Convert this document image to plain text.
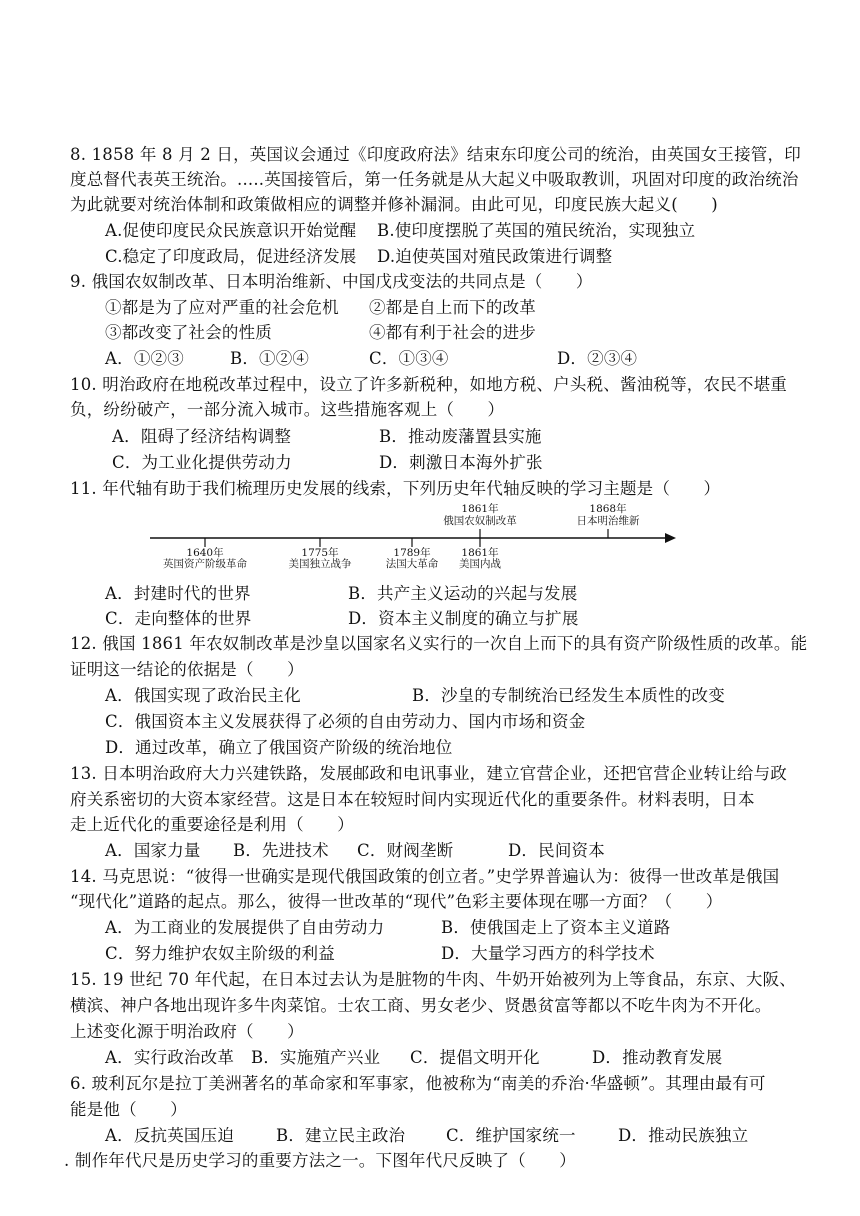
8. 1858 年 8 月 2 日，英国议会通过《印度政府法》结束东印度公司的统治，由英国女王接管，印
度总督代表英王统治。.....英国接管后，第一任务就是从大起义中吸取教训，巩固对印度的政治统治
为此就要对统治体制和政策做相应的调整并修补漏洞。由此可见，印度民族大起义(　　)
A.促使印度民众民族意识开始觉醒 B.使印度摆脱了英国的殖民统治，实现独立
C.稳定了印度政局，促进经济发展 D.迫使英国对殖民政策进行调整
9. 俄国农奴制改革、日本明治维新、中国戊戌变法的共同点是（　　）
①都是为了应对严重的社会危机 ②都是自上而下的改革
③都改变了社会的性质	④都有利于社会的进步
A．①②③	B．①②④	C．①③④	D．②③④
10. 明治政府在地税改革过程中，设立了许多新税种，如地方税、户头税、酱油税等，农民不堪重
负，纷纷破产，一部分流入城市。这些措施客观上（　　）
A．阻碍了经济结构调整	B．推动废藩置县实施
C．为工业化提供劳动力	D．刺激日本海外扩张
11. 年代轴有助于我们梳理历史发展的线索，下列历史年代轴反映的学习主题是（　　）
1861年
俄国农奴制改革
1868年
日本明治维新
1640年
英国资产阶级革命
1775年
美国独立战争
1789年
法国大革命
1861年
美国内战
A．封建时代的世界	B．共产主义运动的兴起与发展
C．走向整体的世界	D．资本主义制度的确立与扩展
12. 俄国 1861 年农奴制改革是沙皇以国家名义实行的一次自上而下的具有资产阶级性质的改革。能
证明这一结论的依据是（　　）
A．俄国实现了政治民主化	B．沙皇的专制统治已经发生本质性的改变
C．俄国资本主义发展获得了必须的自由劳动力、国内市场和资金
D．通过改革，确立了俄国资产阶级的统治地位
13. 日本明治政府大力兴建铁路，发展邮政和电讯事业，建立官营企业，还把官营企业转让给与政
府关系密切的大资本家经营。这是日本在较短时间内实现近代化的重要条件。材料表明，日本
走上近代化的重要途径是利用（　　）
A．国家力量 B．先进技术 C．财阀垄断	D．民间资本
14. 马克思说：“彼得一世确实是现代俄国政策的创立者。”史学界普遍认为：彼得一世改革是俄国
“现代化”道路的起点。那么，彼得一世改革的“现代”色彩主要体现在哪一方面？（　　）
A．为工商业的发展提供了自由劳动力	B．使俄国走上了资本主义道路
C．努力维护农奴主阶级的利益	D．大量学习西方的科学技术
15. 19 世纪 70 年代起，在日本过去认为是脏物的牛肉、牛奶开始被列为上等食品，东京、大阪、
横滨、神户各地出现许多牛肉菜馆。士农工商、男女老少、贤愚贫富等都以不吃牛肉为不开化。
上述变化源于明治政府（　　）
A．实行政治改革 B．实施殖产兴业 C．提倡文明开化	D．推动教育发展
6. 玻利瓦尔是拉丁美洲著名的革命家和军事家，他被称为“南美的乔治·华盛顿”。其理由最有可
能是他（　　）
A．反抗英国压迫	B．建立民主政治 C．维护国家统一	D．推动民族独立
. 制作年代尺是历史学习的重要方法之一。下图年代尺反映了（　　）
